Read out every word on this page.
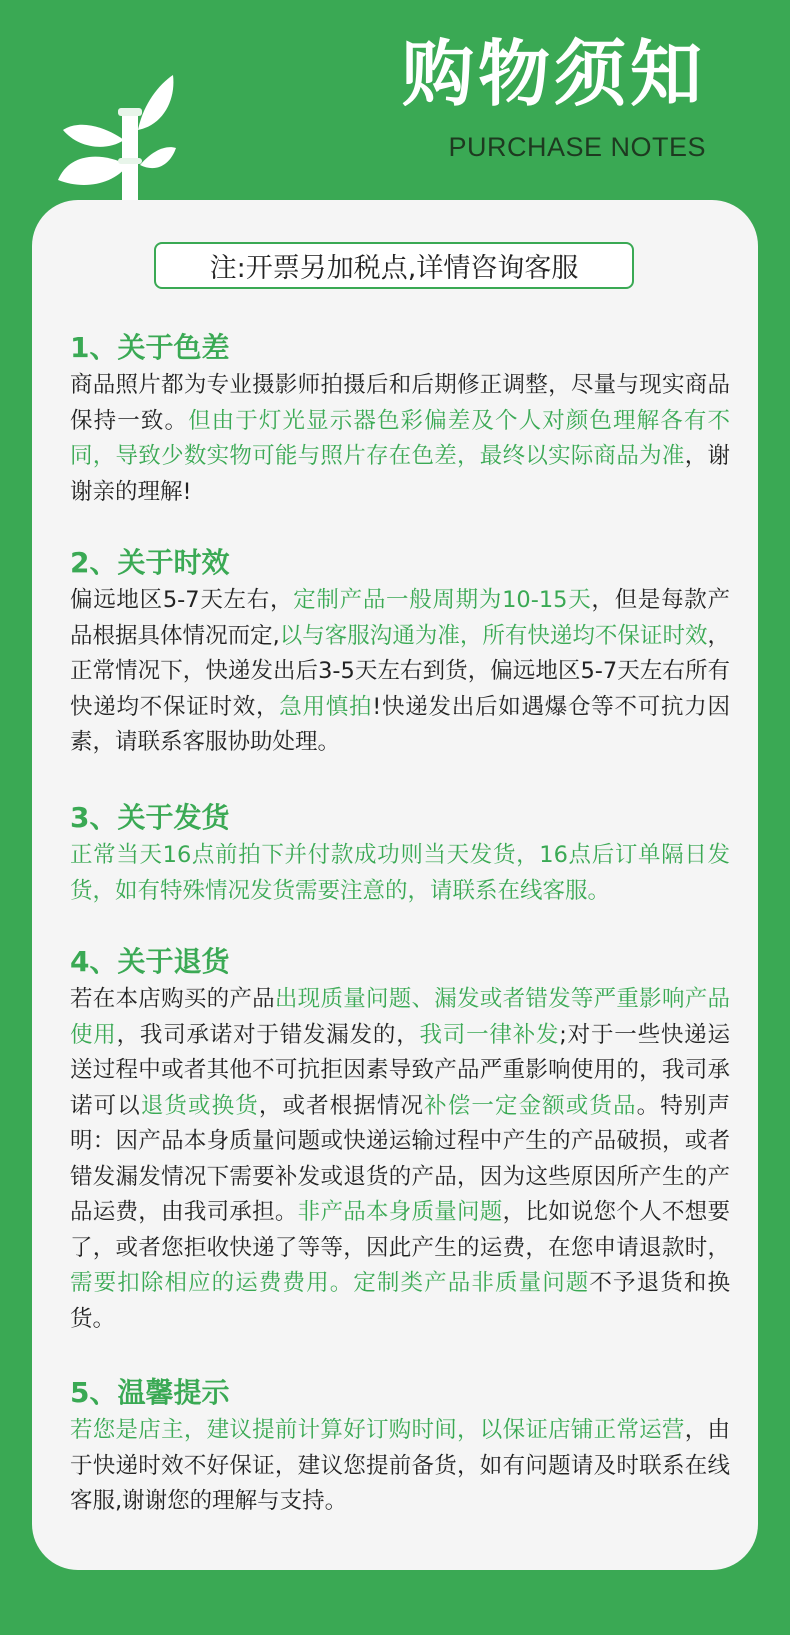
购物须知
PURCHASE NOTES
注:开票另加税点,详情咨询客服
1、关于色差

商品照片都为专业摄影师拍摄后和后期修正调整，尽量与现实商品保持一致。但由于灯光显示器色彩偏差及个人对颜色理解各有不同，导致少数实物可能与照片存在色差，最终以实际商品为准，谢谢亲的理解!

2、关于时效

偏远地区5-7天左右，定制产品一般周期为10-15天，但是每款产品根据具体情况而定,以与客服沟通为准，所有快递均不保证时效，正常情况下，快递发出后3-5天左右到货，偏远地区5-7天左右所有快递均不保证时效，急用慎拍!快递发出后如遇爆仓等不可抗力因素，请联系客服协助处理。

3、关于发货

正常当天16点前拍下并付款成功则当天发货，16点后订单隔日发货，如有特殊情况发货需要注意的，请联系在线客服。

4、关于退货

若在本店购买的产品出现质量问题、漏发或者错发等严重影响产品使用，我司承诺对于错发漏发的，我司一律补发;对于一些快递运送过程中或者其他不可抗拒因素导致产品严重影响使用的，我司承诺可以退货或换货，或者根据情况补偿一定金额或货品。特别声明：因产品本身质量问题或快递运输过程中产生的产品破损，或者错发漏发情况下需要补发或退货的产品，因为这些原因所产生的产品运费，由我司承担。非产品本身质量问题，比如说您个人不想要了，或者您拒收快递了等等，因此产生的运费，在您申请退款时，需要扣除相应的运费费用。定制类产品非质量问题不予退货和换货。

5、温馨提示

若您是店主，建议提前计算好订购时间，以保证店铺正常运营，由于快递时效不好保证，建议您提前备货，如有问题请及时联系在线客服,谢谢您的理解与支持。
